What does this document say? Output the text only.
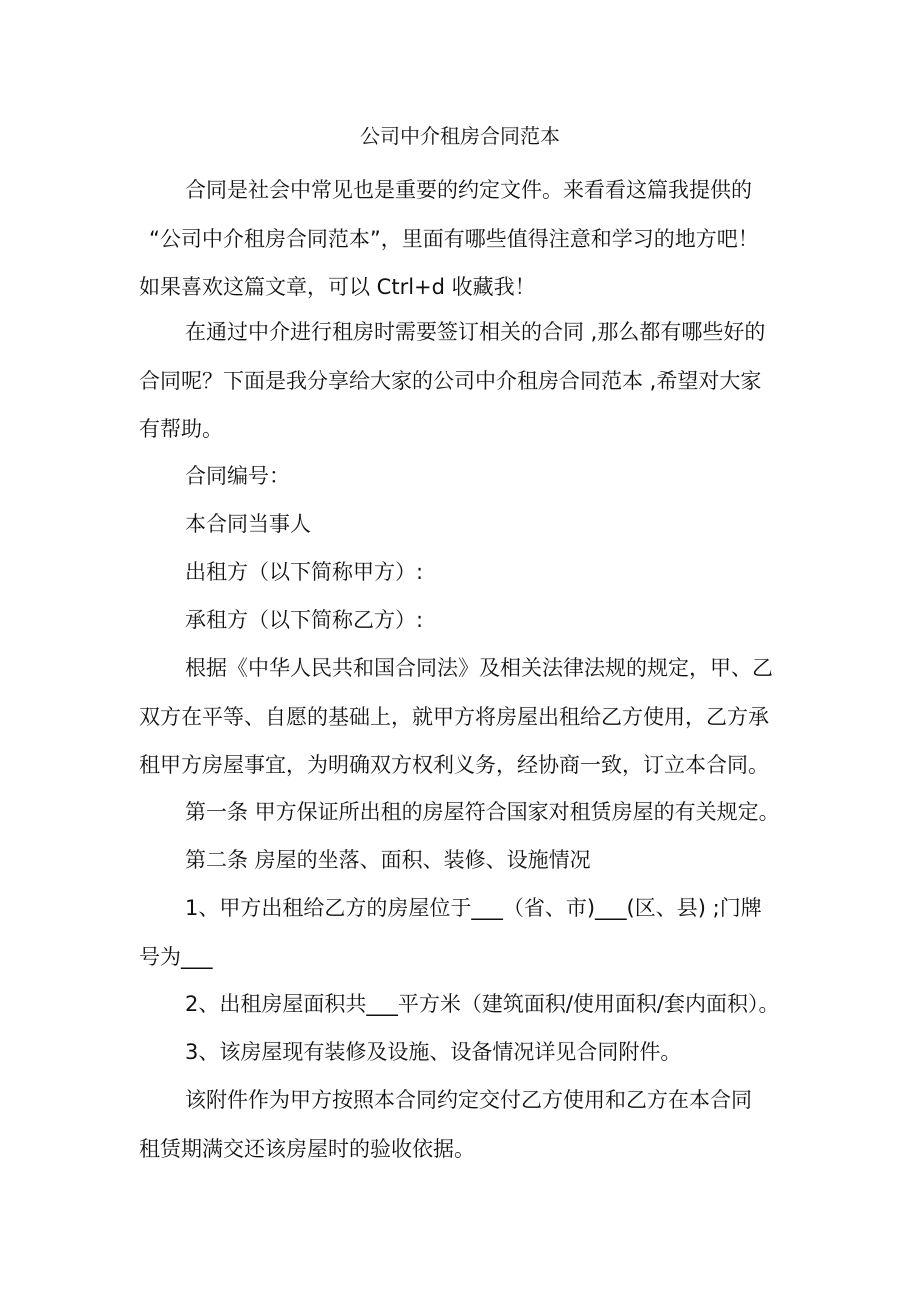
公司中介租房合同范本
合同是社会中常见也是重要的约定文件。来看看这篇我提供的
“公司中介租房合同范本”，里面有哪些值得注意和学习的地方吧！
如果喜欢这篇文章，可以 Ctrl+d 收藏我！
在通过中介进行租房时需要签订相关的合同 ,那么都有哪些好的
合同呢？下面是我分享给大家的公司中介租房合同范本 ,希望对大家
有帮助。
合同编号：
本合同当事人
出租方（以下简称甲方）:
承租方（以下简称乙方）:
根据《中华人民共和国合同法》及相关法律法规的规定，甲、乙
双方在平等、自愿的基础上，就甲方将房屋出租给乙方使用，乙方承
租甲方房屋事宜，为明确双方权利义务，经协商一致，订立本合同。
第一条 甲方保证所出租的房屋符合国家对租赁房屋的有关规定。
第二条 房屋的坐落、面积、装修、设施情况
1、甲方出租给乙方的房屋位于___（省、市)___(区、县) ;门牌
号为___
2、出租房屋面积共___平方米（建筑面积/使用面积/套内面积）。
3、该房屋现有装修及设施、设备情况详见合同附件。
该附件作为甲方按照本合同约定交付乙方使用和乙方在本合同
租赁期满交还该房屋时的验收依据。
